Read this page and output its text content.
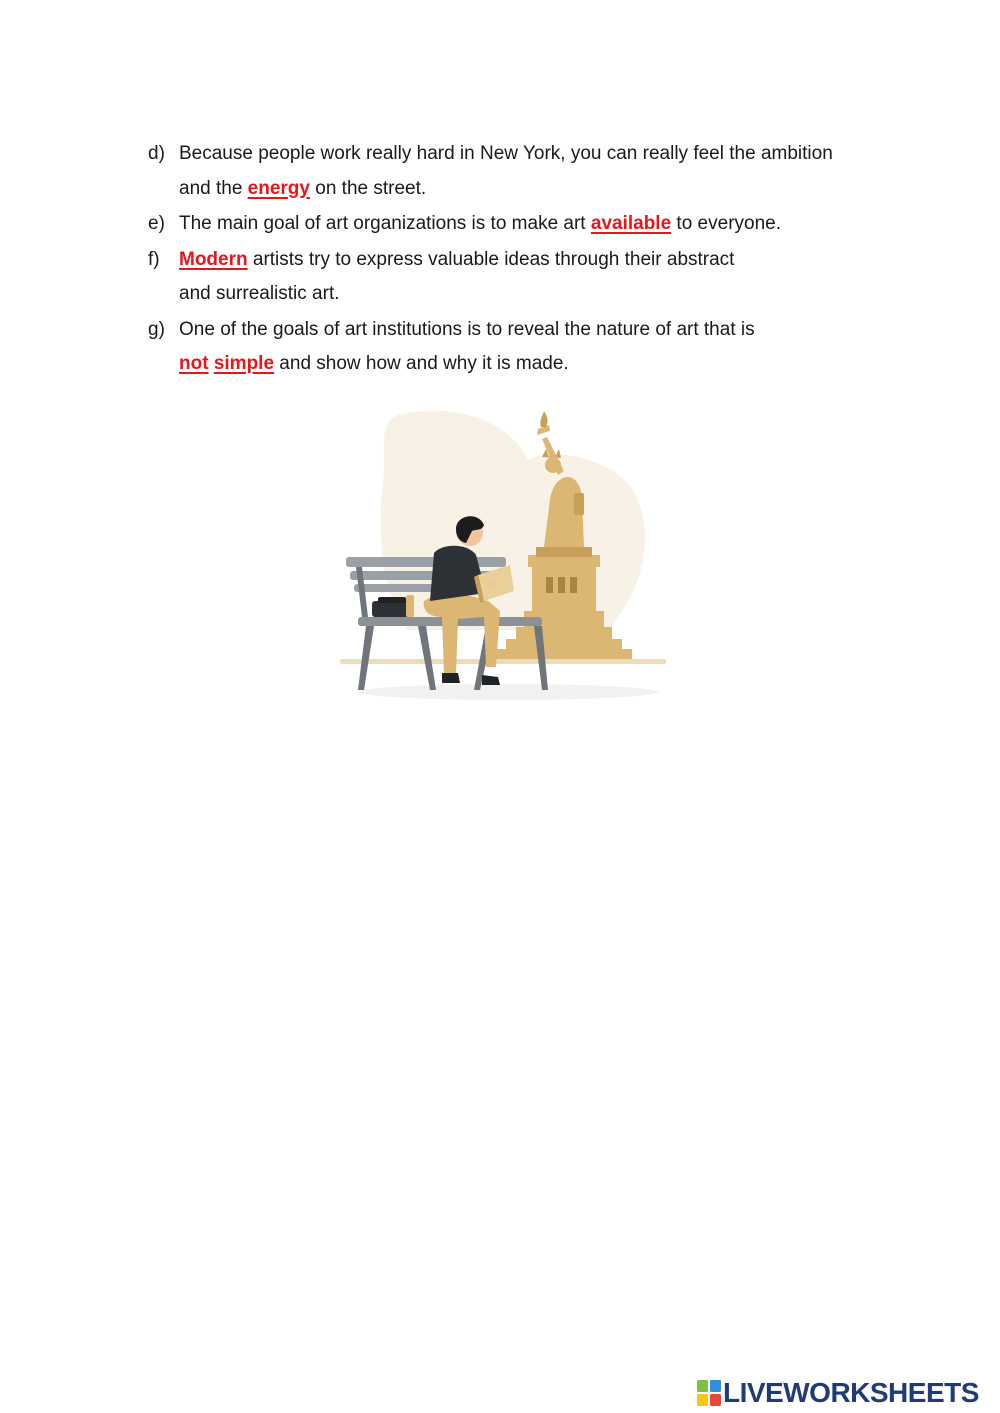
d) Because people work really hard in New York, you can really feel the ambition
and the energy on the street.
e) The main goal of art organizations is to make art available to everyone.
f)	Modern artists try to express valuable ideas through their abstract
and surrealistic art.
g) One of the goals of art institutions is to reveal the nature of art that is
not simple and show how and why it is made.
LIVEWORKSHEETS
